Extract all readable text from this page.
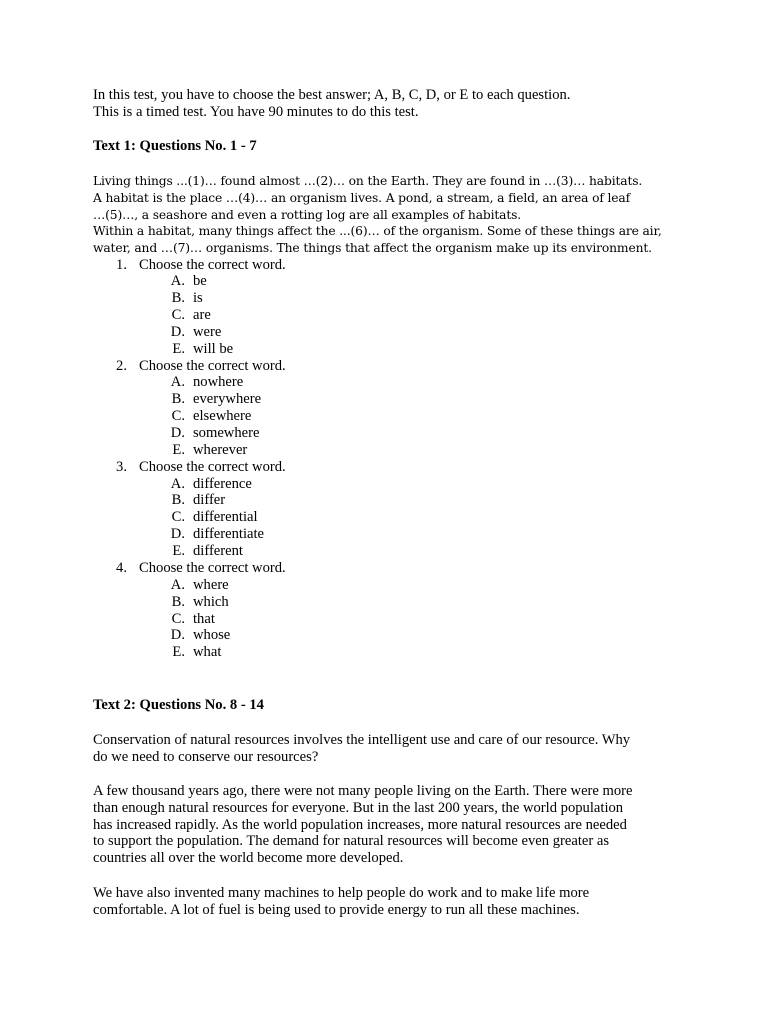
In this test, you have to choose the best answer; A, B, C, D, or E to each question.

This is a timed test. You have 90 minutes to do this test.

Text 1: Questions No. 1 - 7

Living things ...(1)… found almost …(2)… on the Earth. They are found in …(3)… habitats.

A habitat is the place …(4)… an organism lives. A pond, a stream, a field, an area of leaf

…(5)…, a seashore and even a rotting log are all examples of habitats.

Within a habitat, many things affect the ...(6)… of the organism. Some of these things are air,

water, and …(7)… organisms. The things that affect the organism make up its environment.

1. Choose the correct word.
A. be
B. is
C. are
D. were
E. will be
2. Choose the correct word.
A. nowhere
B. everywhere
C. elsewhere
D. somewhere
E. wherever
3. Choose the correct word.
A. difference
B. differ
C. differential
D. differentiate
E. different
4. Choose the correct word.
A. where
B. which
C. that
D. whose
E. what

Text 2: Questions No. 8 - 14

Conservation of natural resources involves the intelligent use and care of our resource. Why

do we need to conserve our resources?

A few thousand years ago, there were not many people living on the Earth. There were more

than enough natural resources for everyone. But in the last 200 years, the world population

has increased rapidly. As the world population increases, more natural resources are needed

to support the population. The demand for natural resources will become even greater as

countries all over the world become more developed.

We have also invented many machines to help people do work and to make life more

comfortable. A lot of fuel is being used to provide energy to run all these machines.
